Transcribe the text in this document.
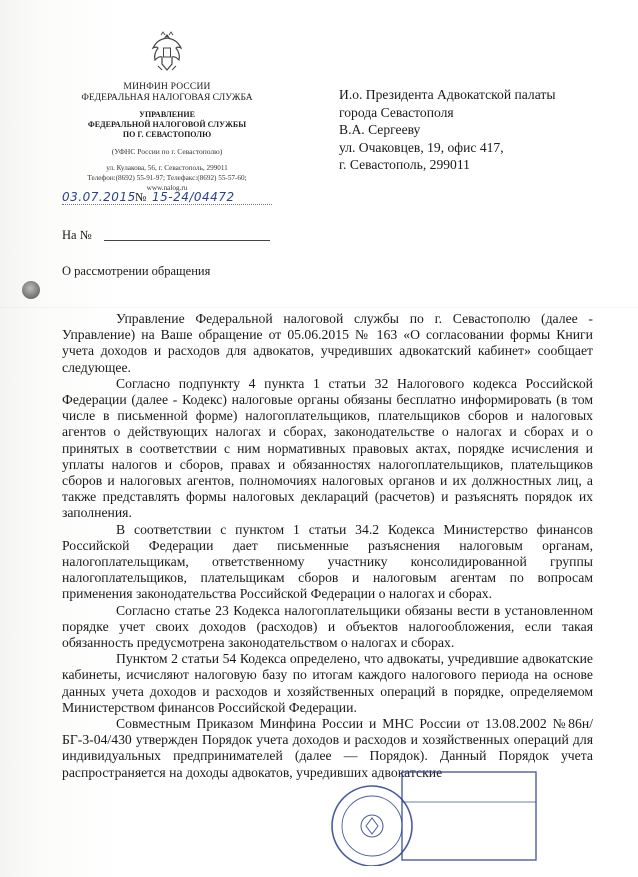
МИНФИН РОССИИ
ФЕДЕРАЛЬНАЯ НАЛОГОВАЯ СЛУЖБА
УПРАВЛЕНИЕ
ФЕДЕРАЛЬНОЙ НАЛОГОВОЙ СЛУЖБЫ
ПО Г. СЕВАСТОПОЛЮ
(УФНС России по г. Севастополю)
ул. Кулакова, 56, г. Севастополь, 299011
Телефон:(8692) 55-91-97; Телефакс:(8692) 55-57-60;
www.nalog.ru
03.07.2015 № 15-24/04472
На №
О рассмотрении обращения
И.о. Президента Адвокатской палаты
города Севастополя
В.А. Сергееву
ул. Очаковцев, 19, офис 417,
г. Севастополь, 299011

Управление Федеральной налоговой службы по г. Севастополю (далее - Управление) на Ваше обращение от 05.06.2015 № 163 «О согласовании формы Книги учета доходов и расходов для адвокатов, учредивших адвокатский кабинет» сообщает следующее.

Согласно подпункту 4 пункта 1 статьи 32 Налогового кодекса Российской Федерации (далее - Кодекс) налоговые органы обязаны бесплатно информировать (в том числе в письменной форме) налогоплательщиков, плательщиков сборов и налоговых агентов о действующих налогах и сборах, законодательстве о налогах и сборах и о принятых в соответствии с ним нормативных правовых актах, порядке исчисления и уплаты налогов и сборов, правах и обязанностях налогоплательщиков, плательщиков сборов и налоговых агентов, полномочиях налоговых органов и их должностных лиц, а также представлять формы налоговых деклараций (расчетов) и разъяснять порядок их заполнения.

В соответствии с пунктом 1 статьи 34.2 Кодекса Министерство финансов Российской Федерации дает письменные разъяснения налоговым органам, налогоплательщикам, ответственному участнику консолидированной группы налогоплательщиков, плательщикам сборов и налоговым агентам по вопросам применения законодательства Российской Федерации о налогах и сборах.

Согласно статье 23 Кодекса налогоплательщики обязаны вести в установленном порядке учет своих доходов (расходов) и объектов налогообложения, если такая обязанность предусмотрена законодательством о налогах и сборах.

Пунктом 2 статьи 54 Кодекса определено, что адвокаты, учредившие адвокатские кабинеты, исчисляют налоговую базу по итогам каждого налогового периода на основе данных учета доходов и расходов и хозяйственных операций в порядке, определяемом Министерством финансов Российской Федерации.

Совместным Приказом Минфина России и МНС России от 13.08.2002 №86н/БГ-3-04/430 утвержден Порядок учета доходов и расходов и хозяйственных операций для индивидуальных предпринимателей (далее — Порядок). Данный Порядок учета распространяется на доходы адвокатов, учредивших адвокатские
